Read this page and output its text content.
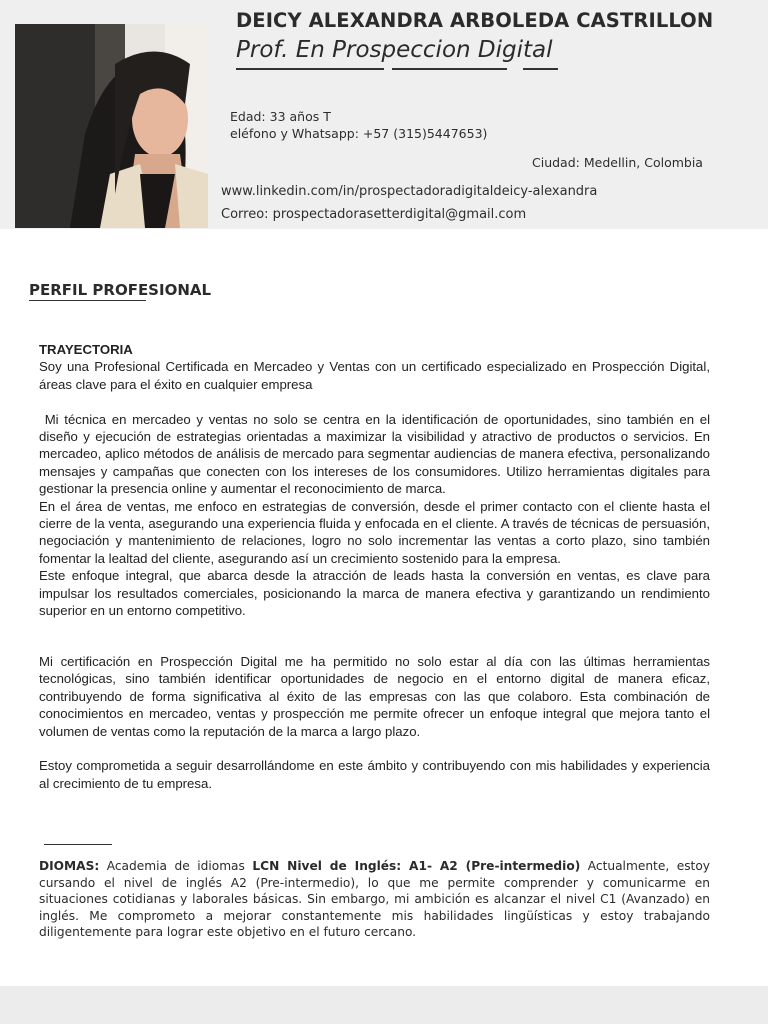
DEICY ALEXANDRA ARBOLEDA CASTRILLON
Prof. En Prospeccion Digital
Edad: 33 años T
eléfono y Whatsapp: +57 (315)5447653)
Ciudad: Medellin, Colombia
www.linkedin.com/in/prospectadoradigitaldeicy-alexandra
Correo: prospectadorasetterdigital@gmail.com
PERFIL PROFESIONAL

TRAYECTORIA

Soy una Profesional Certificada en Mercadeo y Ventas con un certificado especializado en Prospección Digital, áreas clave para el éxito en cualquier empresa

Mi técnica en mercadeo y ventas no solo se centra en la identificación de oportunidades, sino también en el diseño y ejecución de estrategias orientadas a maximizar la visibilidad y atractivo de productos o servicios. En mercadeo, aplico métodos de análisis de mercado para segmentar audiencias de manera efectiva, personalizando mensajes y campañas que conecten con los intereses de los consumidores. Utilizo herramientas digitales para gestionar la presencia online y aumentar el reconocimiento de marca.

En el área de ventas, me enfoco en estrategias de conversión, desde el primer contacto con el cliente hasta el cierre de la venta, asegurando una experiencia fluida y enfocada en el cliente. A través de técnicas de persuasión, negociación y mantenimiento de relaciones, logro no solo incrementar las ventas a corto plazo, sino también fomentar la lealtad del cliente, asegurando así un crecimiento sostenido para la empresa.

Este enfoque integral, que abarca desde la atracción de leads hasta la conversión en ventas, es clave para impulsar los resultados comerciales, posicionando la marca de manera efectiva y garantizando un rendimiento superior en un entorno competitivo.

Mi certificación en Prospección Digital me ha permitido no solo estar al día con las últimas herramientas tecnológicas, sino también identificar oportunidades de negocio en el entorno digital de manera eficaz, contribuyendo de forma significativa al éxito de las empresas con las que colaboro. Esta combinación de conocimientos en mercadeo, ventas y prospección me permite ofrecer un enfoque integral que mejora tanto el volumen de ventas como la reputación de la marca a largo plazo.

Estoy comprometida a seguir desarrollándome en este ámbito y contribuyendo con mis habilidades y experiencia al crecimiento de tu empresa.

DIOMAS: Academia de idiomas LCN Nivel de Inglés: A1- A2 (Pre-intermedio) Actualmente, estoy cursando el nivel de inglés A2 (Pre-intermedio), lo que me permite comprender y comunicarme en situaciones cotidianas y laborales básicas. Sin embargo, mi ambición es alcanzar el nivel C1 (Avanzado) en inglés. Me comprometo a mejorar constantemente mis habilidades lingüísticas y estoy trabajando diligentemente para lograr este objetivo en el futuro cercano.
